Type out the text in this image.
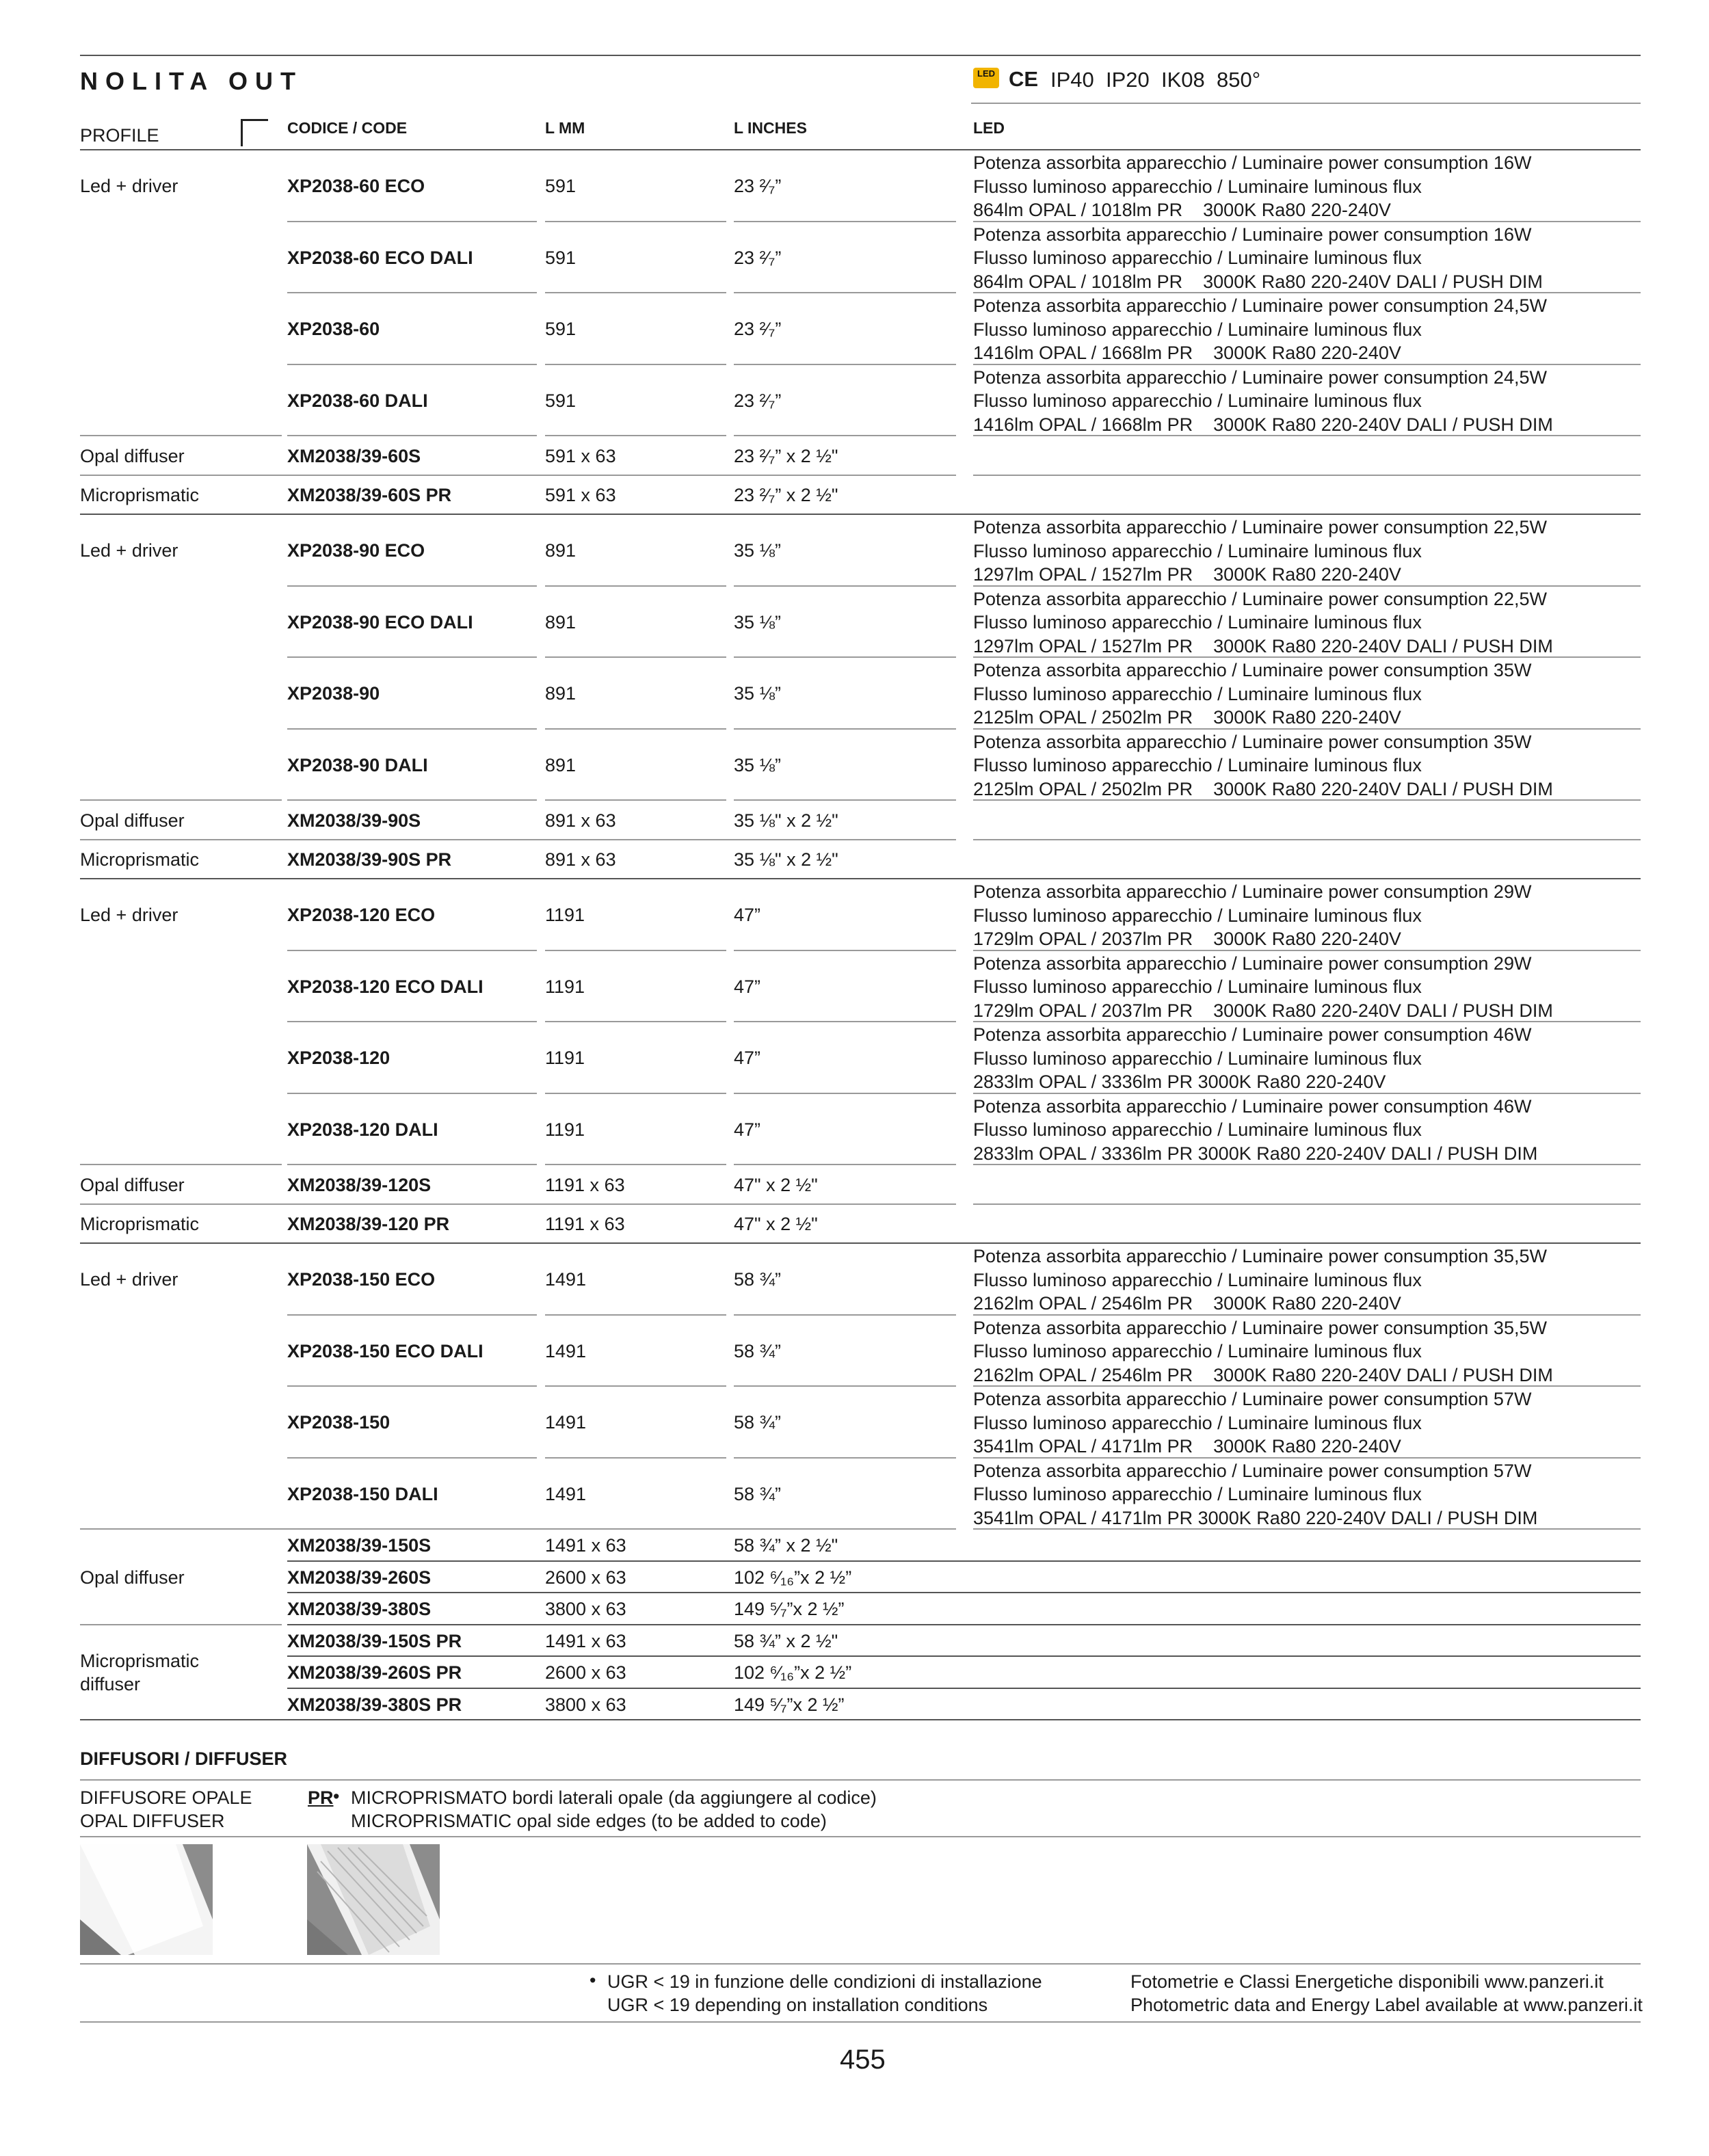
NOLITA OUT	LED CE IP40  IP20  IK08  850°
PROFILE	CODICE / CODE	L MM	L INCHES	LED
Led + driver	XP2038-60 ECO	591	23 ²⁄₇”
Potenza assorbita apparecchio / Luminaire power consumption 16W
Flusso luminoso apparecchio / Luminaire luminous flux
864lm OPAL / 1018lm PR    3000K Ra80 220-240V
XP2038-60 ECO DALI	591	23 ²⁄₇”
Potenza assorbita apparecchio / Luminaire power consumption 16W
Flusso luminoso apparecchio / Luminaire luminous flux
864lm OPAL / 1018lm PR    3000K Ra80 220-240V DALI / PUSH DIM
XP2038-60	591	23 ²⁄₇”
Potenza assorbita apparecchio / Luminaire power consumption 24,5W
Flusso luminoso apparecchio / Luminaire luminous flux
1416lm OPAL / 1668lm PR    3000K Ra80 220-240V
XP2038-60 DALI	591	23 ²⁄₇”
Potenza assorbita apparecchio / Luminaire power consumption 24,5W
Flusso luminoso apparecchio / Luminaire luminous flux
1416lm OPAL / 1668lm PR    3000K Ra80 220-240V DALI / PUSH DIM
Opal diffuser	XM2038/39-60S	591 x 63	23 ²⁄₇” x 2 ½"
Microprismatic	XM2038/39-60S PR	591 x 63	23 ²⁄₇” x 2 ½"
Led + driver	XP2038-90 ECO	891	35 ⅛”
Potenza assorbita apparecchio / Luminaire power consumption 22,5W
Flusso luminoso apparecchio / Luminaire luminous flux
1297lm OPAL / 1527lm PR    3000K Ra80 220-240V
XP2038-90 ECO DALI	891	35 ⅛”
Potenza assorbita apparecchio / Luminaire power consumption 22,5W
Flusso luminoso apparecchio / Luminaire luminous flux
1297lm OPAL / 1527lm PR    3000K Ra80 220-240V DALI / PUSH DIM
XP2038-90	891	35 ⅛”
Potenza assorbita apparecchio / Luminaire power consumption 35W
Flusso luminoso apparecchio / Luminaire luminous flux
2125lm OPAL / 2502lm PR    3000K Ra80 220-240V
XP2038-90 DALI	891	35 ⅛”
Potenza assorbita apparecchio / Luminaire power consumption 35W
Flusso luminoso apparecchio / Luminaire luminous flux
2125lm OPAL / 2502lm PR    3000K Ra80 220-240V DALI / PUSH DIM
Opal diffuser	XM2038/39-90S	891 x 63	35 ⅛" x 2 ½"
Microprismatic	XM2038/39-90S PR	891 x 63	35 ⅛" x 2 ½"
Led + driver	XP2038-120 ECO	1191	47”
Potenza assorbita apparecchio / Luminaire power consumption 29W
Flusso luminoso apparecchio / Luminaire luminous flux
1729lm OPAL / 2037lm PR    3000K Ra80 220-240V
XP2038-120 ECO DALI	1191	47”
Potenza assorbita apparecchio / Luminaire power consumption 29W
Flusso luminoso apparecchio / Luminaire luminous flux
1729lm OPAL / 2037lm PR    3000K Ra80 220-240V DALI / PUSH DIM
XP2038-120	1191	47”
Potenza assorbita apparecchio / Luminaire power consumption 46W
Flusso luminoso apparecchio / Luminaire luminous flux
2833lm OPAL / 3336lm PR 3000K Ra80 220-240V
XP2038-120 DALI	1191	47”
Potenza assorbita apparecchio / Luminaire power consumption 46W
Flusso luminoso apparecchio / Luminaire luminous flux
2833lm OPAL / 3336lm PR 3000K Ra80 220-240V DALI / PUSH DIM
Opal diffuser	XM2038/39-120S	1191 x 63	47" x 2 ½"
Microprismatic	XM2038/39-120 PR	1191 x 63	47" x 2 ½"
Led + driver	XP2038-150 ECO	1491	58 ¾”
Potenza assorbita apparecchio / Luminaire power consumption 35,5W
Flusso luminoso apparecchio / Luminaire luminous flux
2162lm OPAL / 2546lm PR    3000K Ra80 220-240V
XP2038-150 ECO DALI	1491	58 ¾”
Potenza assorbita apparecchio / Luminaire power consumption 35,5W
Flusso luminoso apparecchio / Luminaire luminous flux
2162lm OPAL / 2546lm PR    3000K Ra80 220-240V DALI / PUSH DIM
XP2038-150	1491	58 ¾”
Potenza assorbita apparecchio / Luminaire power consumption 57W
Flusso luminoso apparecchio / Luminaire luminous flux
3541lm OPAL / 4171lm PR    3000K Ra80 220-240V
XP2038-150 DALI	1491	58 ¾”
Potenza assorbita apparecchio / Luminaire power consumption 57W
Flusso luminoso apparecchio / Luminaire luminous flux
3541lm OPAL / 4171lm PR 3000K Ra80 220-240V DALI / PUSH DIM
XM2038/39-150S	1491 x 63	58 ¾” x 2 ½"
XM2038/39-260S	2600 x 63	102 ⁶⁄₁₆”x 2 ½”
XM2038/39-380S	3800 x 63	149 ⁵⁄₇”x 2 ½”
Opal diffuser
XM2038/39-150S PR	1491 x 63	58 ¾” x 2 ½"
XM2038/39-260S PR	2600 x 63	102 ⁶⁄₁₆”x 2 ½”
XM2038/39-380S PR	3800 x 63	149 ⁵⁄₇”x 2 ½”
Microprismatic
diffuser
DIFFUSORI / DIFFUSER
DIFFUSORE OPALE
OPAL DIFFUSER
PR • MICROPRISMATO bordi laterali opale (da aggiungere al codice)
MICROPRISMATIC opal side edges (to be added to code)
• UGR < 19 in funzione delle condizioni di installazione
UGR < 19 depending on installation conditions
Fotometrie e Classi Energetiche disponibili www.panzeri.it
Photometric data and Energy Label available at www.panzeri.it
455
